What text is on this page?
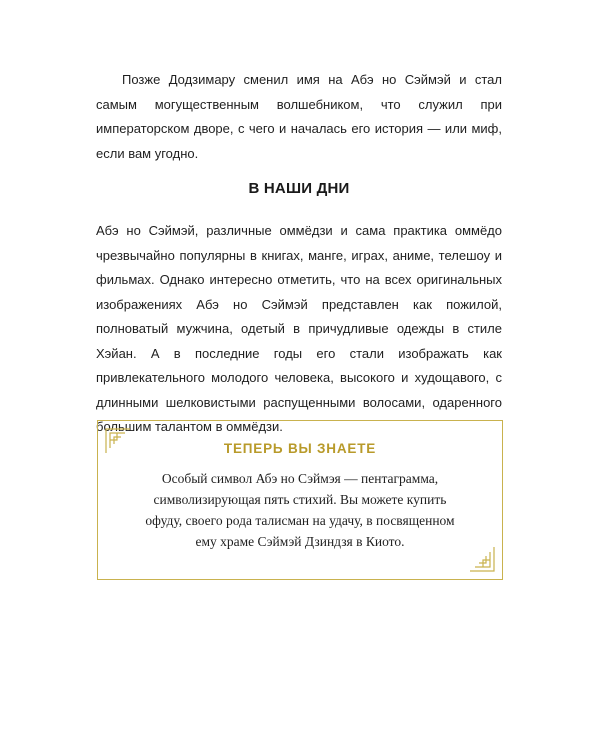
Позже Додзимару сменил имя на Абэ но Сэймэй и стал самым могущественным волшебником, что служил при императорском дворе, с чего и началась его история — или миф, если вам угодно.

В НАШИ ДНИ

Абэ но Сэймэй, различные оммёдзи и сама практика оммёдо чрезвычайно популярны в книгах, манге, играх, аниме, телешоу и фильмах. Однако интересно отметить, что на всех оригинальных изображениях Абэ но Сэймэй представлен как пожилой, полноватый мужчина, одетый в причудливые одежды в стиле Хэйан. А в последние годы его стали изображать как привлекательного молодого человека, высокого и худощавого, с длинными шелковистыми распущенными волосами, одаренного большим талантом в оммёдзи.

ТЕПЕРЬ ВЫ ЗНАЕТЕ

Особый символ Абэ но Сэймэя — пентаграмма, символизирующая пять стихий. Вы можете купить офуду, своего рода талисман на удачу, в посвященном ему храме Сэймэй Дзиндзя в Киото.
